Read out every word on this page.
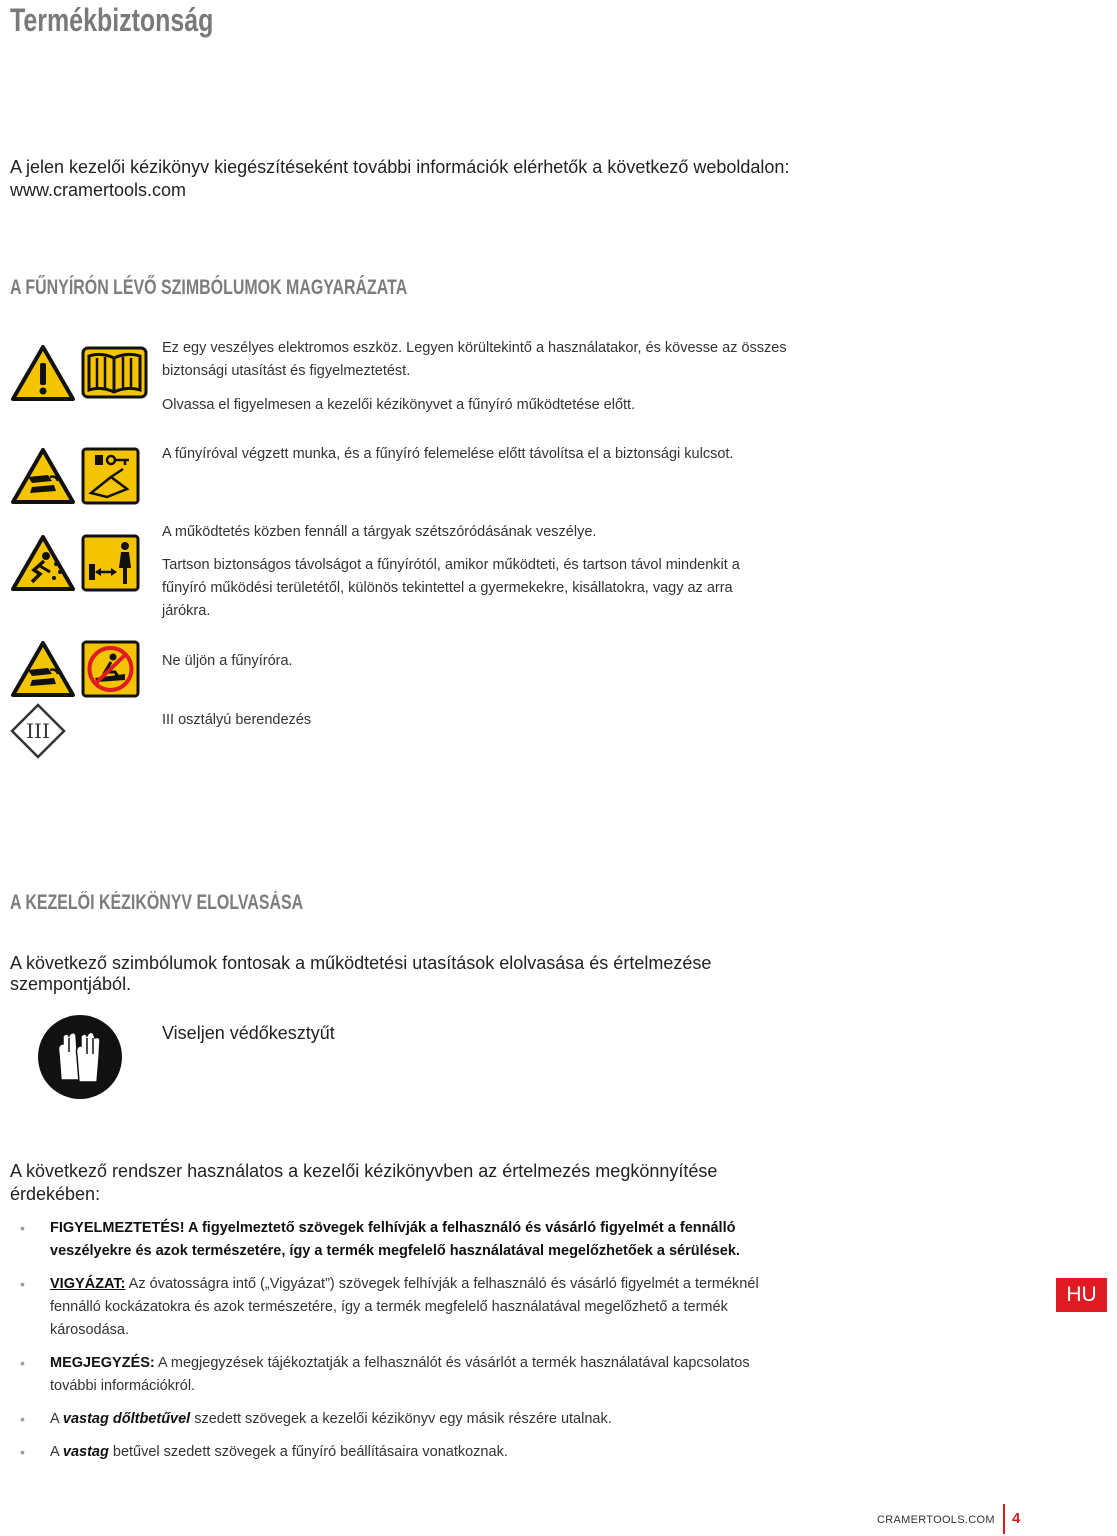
Termékbiztonság
A jelen kezelői kézikönyv kiegészítéseként további információk elérhetők a következő weboldalon: www.cramertools.com
A FŰNYÍRÓN LÉVŐ SZIMBÓLUMOK MAGYARÁZATA
Ez egy veszélyes elektromos eszköz. Legyen körültekintő a használatakor, és kövesse az összes biztonsági utasítást és figyelmeztetést.
Olvassa el figyelmesen a kezelői kézikönyvet a fűnyíró működtetése előtt.
A fűnyíróval végzett munka, és a fűnyíró felemelése előtt távolítsa el a biztonsági kulcsot.
A működtetés közben fennáll a tárgyak szétszóródásának veszélye.
Tartson biztonságos távolságot a fűnyírótól, amikor működteti, és tartson távol mindenkit a fűnyíró működési területétől, különös tekintettel a gyermekekre, kisállatokra, vagy az arra járókra.
Ne üljön a fűnyíróra.
III	III osztályú berendezés
A KEZELŐI KÉZIKÖNYV ELOLVASÁSA
A következő szimbólumok fontosak a működtetési utasítások elolvasása és értelmezése szempontjából.
Viseljen védőkesztyűt
A következő rendszer használatos a kezelői kézikönyvben az értelmezés megkönnyítése érdekében:
• FIGYELMEZTETÉS! A figyelmeztető szövegek felhívják a felhasználó és vásárló figyelmét a fennálló veszélyekre és azok természetére, így a termék megfelelő használatával megelőzhetőek a sérülések.
• VIGYÁZAT: Az óvatosságra intő („Vigyázat”) szövegek felhívják a felhasználó és vásárló figyelmét a terméknél fennálló kockázatokra és azok természetére, így a termék megfelelő használatával megelőzhető a termék károsodása.
• MEGJEGYZÉS: A megjegyzések tájékoztatják a felhasználót és vásárlót a termék használatával kapcsolatos további információkról.
• A vastag dőltbetűvel szedett szövegek a kezelői kézikönyv egy másik részére utalnak.
• A vastag betűvel szedett szövegek a fűnyíró beállításaira vonatkoznak.
HU
CRAMERTOOLS.COM 4
